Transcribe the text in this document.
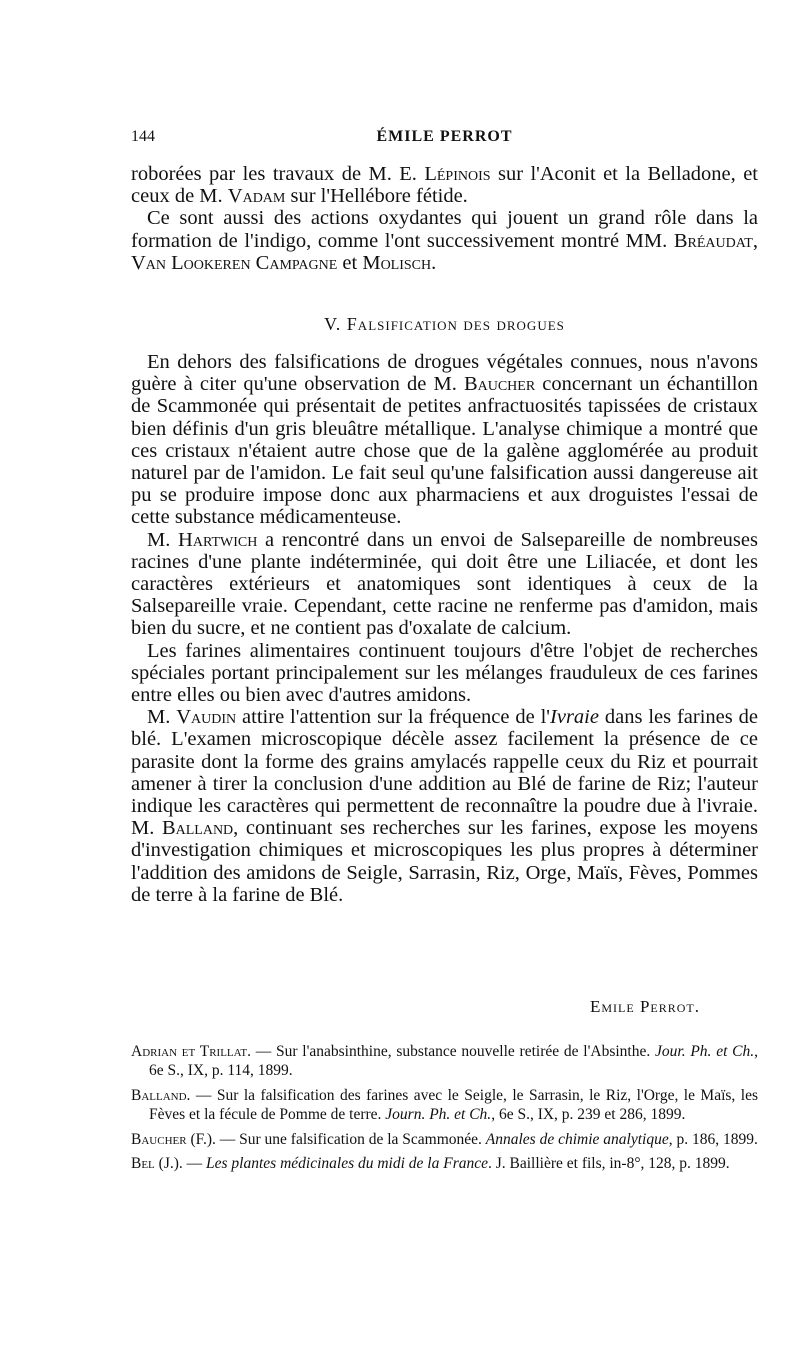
144	ÉMILE PERROT

roborées par les travaux de M. E. Lépinois sur l'Aconit et la Belladone, et ceux de M. Vadam sur l'Hellébore fétide.

Ce sont aussi des actions oxydantes qui jouent un grand rôle dans la formation de l'indigo, comme l'ont successivement montré MM. Bréaudat, Van Lookeren Campagne et Molisch.

V. Falsification des drogues

En dehors des falsifications de drogues végétales connues, nous n'avons guère à citer qu'une observation de M. Baucher concernant un échantillon de Scammonée qui présentait de petites anfractuosités tapissées de cristaux bien définis d'un gris bleuâtre métallique. L'analyse chimique a montré que ces cristaux n'étaient autre chose que de la galène agglomérée au produit naturel par de l'amidon. Le fait seul qu'une falsification aussi dangereuse ait pu se produire impose donc aux pharmaciens et aux droguistes l'essai de cette substance médicamenteuse.

M. Hartwich a rencontré dans un envoi de Salsepareille de nombreuses racines d'une plante indéterminée, qui doit être une Liliacée, et dont les caractères extérieurs et anatomiques sont identiques à ceux de la Salsepareille vraie. Cependant, cette racine ne renferme pas d'amidon, mais bien du sucre, et ne contient pas d'oxalate de calcium.

Les farines alimentaires continuent toujours d'être l'objet de recherches spéciales portant principalement sur les mélanges frauduleux de ces farines entre elles ou bien avec d'autres amidons.

M. Vaudin attire l'attention sur la fréquence de l'Ivraie dans les farines de blé. L'examen microscopique décèle assez facilement la présence de ce parasite dont la forme des grains amylacés rappelle ceux du Riz et pourrait amener à tirer la conclusion d'une addition au Blé de farine de Riz; l'auteur indique les caractères qui permettent de reconnaître la poudre due à l'ivraie. M. Balland, continuant ses recherches sur les farines, expose les moyens d'investigation chimiques et microscopiques les plus propres à déterminer l'addition des amidons de Seigle, Sarrasin, Riz, Orge, Maïs, Fèves, Pommes de terre à la farine de Blé.

Emile Perrot.

Adrian et Trillat. — Sur l'anabsinthine, substance nouvelle retirée de l'Absinthe. Jour. Ph. et Ch., 6e S., IX, p. 114, 1899.

Balland. — Sur la falsification des farines avec le Seigle, le Sarrasin, le Riz, l'Orge, le Maïs, les Fèves et la fécule de Pomme de terre. Journ. Ph. et Ch., 6e S., IX, p. 239 et 286, 1899.

Baucher (F.). — Sur une falsification de la Scammonée. Annales de chimie analytique, p. 186, 1899.

Bel (J.). — Les plantes médicinales du midi de la France. J. Baillière et fils, in-8°, 128, p. 1899.
